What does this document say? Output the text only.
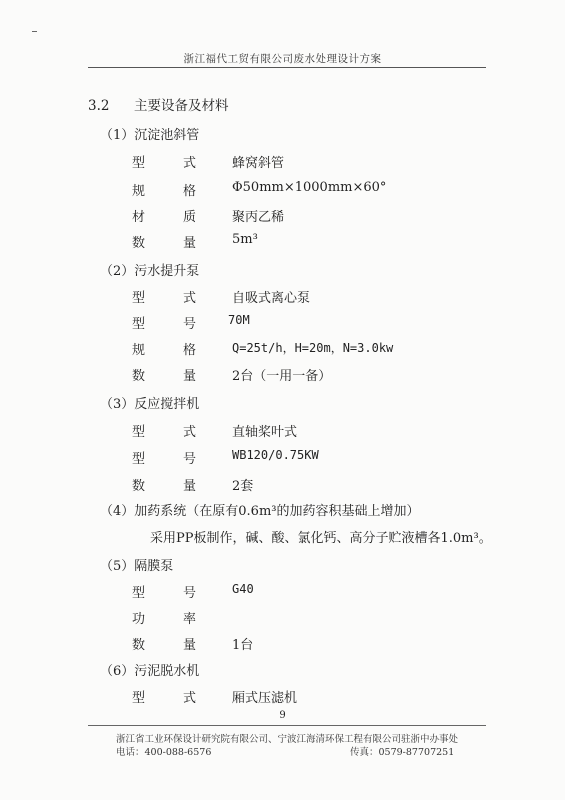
浙江福代工贸有限公司废水处理设计方案
3.2 主要设备及材料
（1）沉淀池斜管
型	式	蜂窝斜管
规	格	Φ50mm×1000mm×60°
材	质	聚丙乙稀
数	量	5m³
（2）污水提升泵
型	式	自吸式离心泵
型	号	70M
规	格	Q=25t/h，H=20m，N=3.0kw
数	量	2台（一用一备）
（3）反应搅拌机
型	式	直轴桨叶式
型	号	WB120/0.75KW
数	量	2套
（4）加药系统（在原有0.6m³的加药容积基础上增加）
采用PP板制作，碱、酸、氯化钙、高分子贮液槽各1.0m³。
（5）隔膜泵
型	号	G40
功	率
数	量	1台
（6）污泥脱水机
型	式	厢式压滤机
9
浙江省工业环保设计研究院有限公司、宁波江海清环保工程有限公司驻浙中办事处
电话：400-088-6576	传真：0579-87707251
